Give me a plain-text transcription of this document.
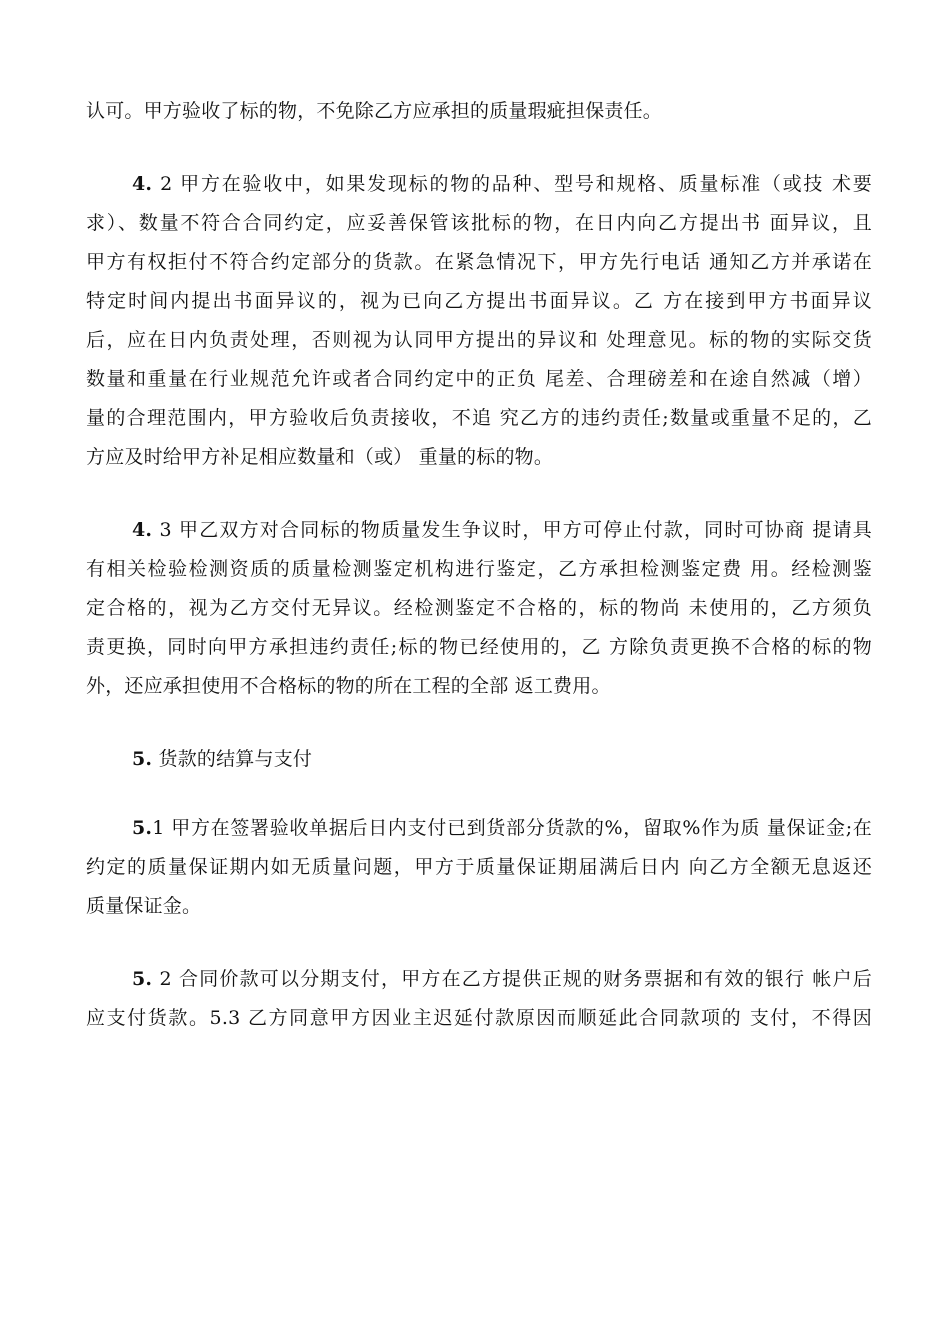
认可。甲方验收了标的物，不免除乙方应承担的质量瑕疵担保责任。
4. 2 甲方在验收中，如果发现标的物的品种、型号和规格、质量标准（或技 术要
求）、数量不符合合同约定，应妥善保管该批标的物，在日内向乙方提出书 面异议，且
甲方有权拒付不符合约定部分的货款。在紧急情况下，甲方先行电话 通知乙方并承诺在
特定时间内提出书面异议的，视为已向乙方提出书面异议。乙 方在接到甲方书面异议
后，应在日内负责处理，否则视为认同甲方提出的异议和 处理意见。标的物的实际交货
数量和重量在行业规范允许或者合同约定中的正负 尾差、合理磅差和在途自然减（增）
量的合理范围内，甲方验收后负责接收，不追 究乙方的违约责任;数量或重量不足的，乙
方应及时给甲方补足相应数量和（或） 重量的标的物。
4. 3 甲乙双方对合同标的物质量发生争议时，甲方可停止付款，同时可协商 提请具
有相关检验检测资质的质量检测鉴定机构进行鉴定，乙方承担检测鉴定费 用。经检测鉴
定合格的，视为乙方交付无异议。经检测鉴定不合格的，标的物尚 未使用的，乙方须负
责更换，同时向甲方承担违约责任;标的物已经使用的，乙 方除负责更换不合格的标的物
外，还应承担使用不合格标的物的所在工程的全部 返工费用。
5. 货款的结算与支付
5.1 甲方在签署验收单据后日内支付已到货部分货款的%，留取%作为质 量保证金;在
约定的质量保证期内如无质量问题，甲方于质量保证期届满后日内 向乙方全额无息返还
质量保证金。
5. 2 合同价款可以分期支付，甲方在乙方提供正规的财务票据和有效的银行 帐户后
应支付货款。5.3 乙方同意甲方因业主迟延付款原因而顺延此合同款项的 支付，不得因
